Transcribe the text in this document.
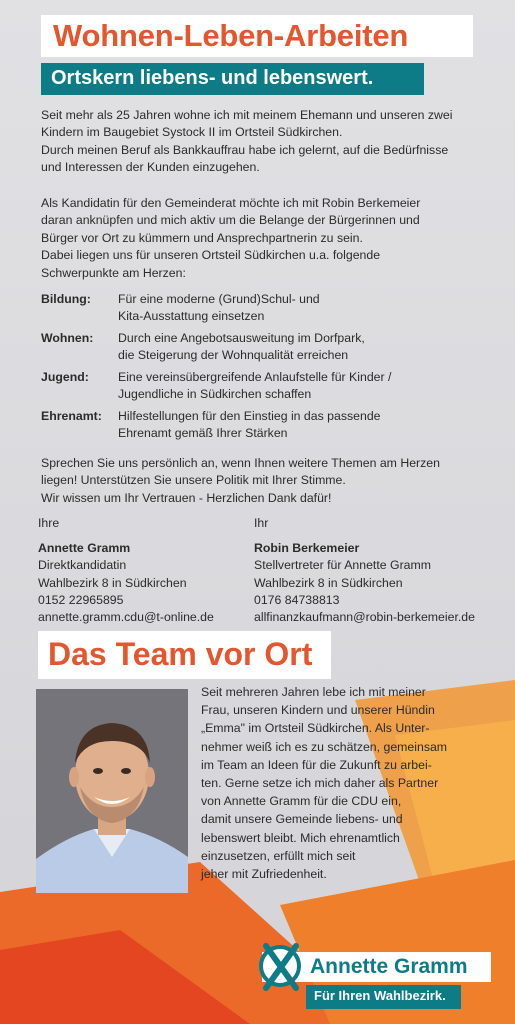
Wohnen-Leben-Arbeiten
Ortskern liebens- und lebenswert.

Seit mehr als 25 Jahren wohne ich mit meinem Ehemann und unseren zwei
Kindern im Baugebiet Systock II im Ortsteil Südkirchen.
Durch meinen Beruf als Bankkauffrau habe ich gelernt, auf die Bedürfnisse
und Interessen der Kunden einzugehen.

Als Kandidatin für den Gemeinderat möchte ich mit Robin Berkemeier
daran anknüpfen und mich aktiv um die Belange der Bürgerinnen und
Bürger vor Ort zu kümmern und Ansprechpartnerin zu sein.
Dabei liegen uns für unseren Ortsteil Südkirchen u.a. folgende
Schwerpunkte am Herzen:

Bildung: Für eine moderne (Grund)Schul- und
Kita-Ausstattung einsetzen
Wohnen: Durch eine Angebotsausweitung im Dorfpark,
die Steigerung der Wohnqualität erreichen
Jugend: Eine vereinsübergreifende Anlaufstelle für Kinder /
Jugendliche in Südkirchen schaffen
Ehrenamt: Hilfestellungen für den Einstieg in das passende
Ehrenamt gemäß Ihrer Stärken

Sprechen Sie uns persönlich an, wenn Ihnen weitere Themen am Herzen
liegen! Unterstützen Sie unsere Politik mit Ihrer Stimme.
Wir wissen um Ihr Vertrauen - Herzlichen Dank dafür!

Ihre
Annette Gramm
Direktkandidatin
Wahlbezirk 8 in Südkirchen
0152 22965895
annette.gramm.cdu@t-online.de
Ihr
Robin Berkemeier
Stellvertreter für Annette Gramm
Wahlbezirk 8 in Südkirchen
0176 84738813
allfinanzkaufmann@robin-berkemeier.de
Das Team vor Ort

Seit mehreren Jahren lebe ich mit meiner
Frau, unseren Kindern und unserer Hündin
„Emma" im Ortsteil Südkirchen. Als Unter-
nehmer weiß ich es zu schätzen, gemeinsam
im Team an Ideen für die Zukunft zu arbei-
ten. Gerne setze ich mich daher als Partner
von Annette Gramm für die CDU ein,
damit unsere Gemeinde liebens- und
lebenswert bleibt. Mich ehrenamtlich
einzusetzen, erfüllt mich seit
jeher mit Zufriedenheit.

Annette Gramm
Für Ihren Wahlbezirk.
